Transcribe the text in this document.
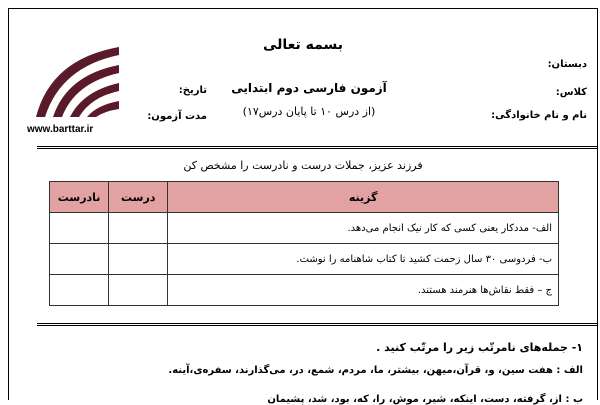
بسمه تعالی
آزمون فارسی دوم ابتدایی
(از درس ۱۰ تا پایان درس۱۷)
دبستان:
کلاس:
نام و نام خانوادگی:
تاریخ:
مدت آزمون:
www.barttar.ir
فرزند عزیز، جملات درست و نادرست را مشخص کن
گزینه	درست	نادرست
الف- مددکار یعنی کسی که کار نیک انجام می‌دهد.		
ب- فردوسی ۳۰ سال زحمت کشید تا کتاب شاهنامه را نوشت.		
ج – فقط نقاش‌ها هنرمند هستند.		
۱- جمله‌های نامرتّب زیر را مرتّب کنید .
الف : هفت سین، و، قرآن،میهن، بیشتر، ما، مردم، شمع، در، می‌گذارند، سفره‌ی،آینه.
ب : از، گرفته، دست، اینکه، شیر، موش، را، که، بود، شد، پشیمان
